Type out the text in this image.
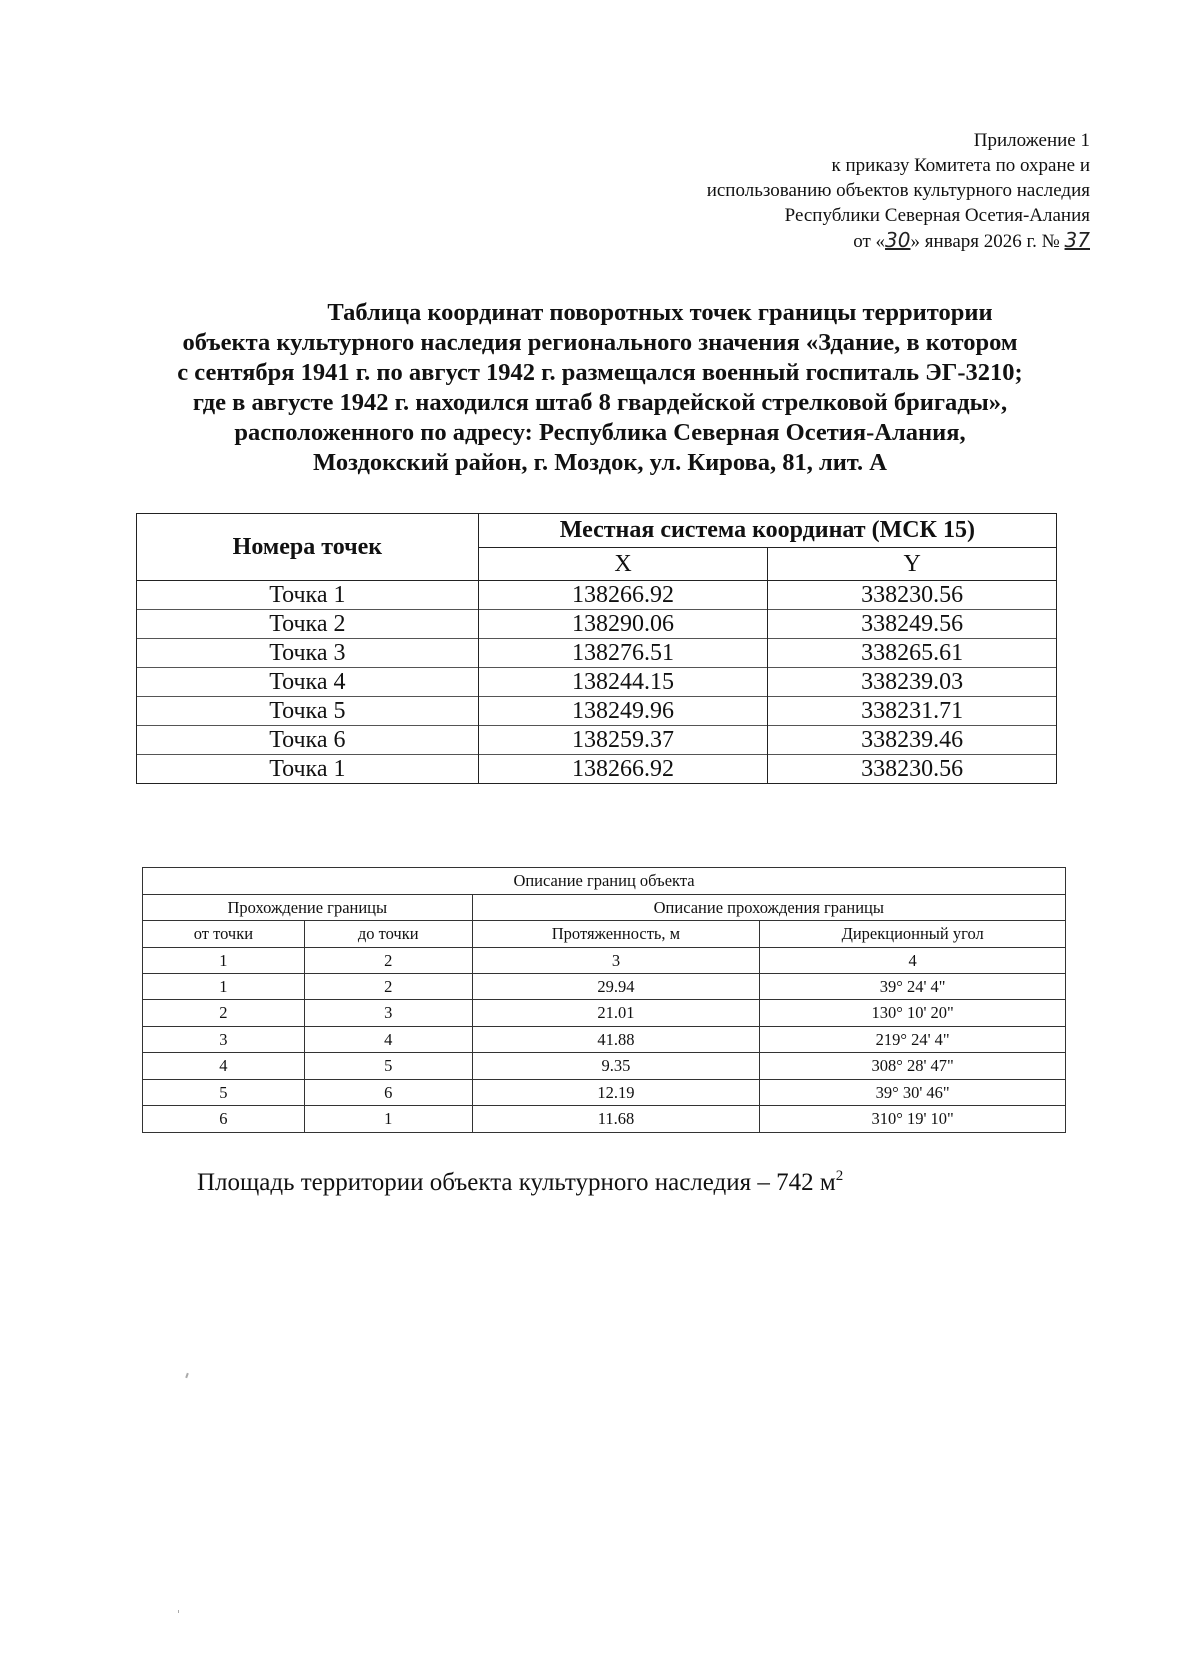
Приложение 1
к приказу Комитета по охране и
использованию объектов культурного наследия
Республики Северная Осетия-Алания
от «30» января 2026 г. № 37
Таблица координат поворотных точек границы территории
объекта культурного наследия регионального значения «Здание, в котором
с сентября 1941 г. по август 1942 г. размещался военный госпиталь ЭГ-3210;
где в августе 1942 г. находился штаб 8 гвардейской стрелковой бригады»,
расположенного по адресу: Республика Северная Осетия-Алания,
Моздокский район, г. Моздок, ул. Кирова, 81, лит. А
Номера точек	Местная система координат (МСК 15)	
	X	Y
Точка 1	138266.92	338230.56
Точка 2	138290.06	338249.56
Точка 3	138276.51	338265.61
Точка 4	138244.15	338239.03
Точка 5	138249.96	338231.71
Точка 6	138259.37	338239.46
Точка 1	138266.92	338230.56
Описание границ объекта			
Прохождение границы		Описание прохождения границы	
от точки	до точки	Протяженность, м	Дирекционный угол
1	2	3	4
1	2	29.94	39° 24' 4"
2	3	21.01	130° 10' 20"
3	4	41.88	219° 24' 4"
4	5	9.35	308° 28' 47"
5	6	12.19	39° 30' 46"
6	1	11.68	310° 19' 10"
Площадь территории объекта культурного наследия – 742 $м^2$
